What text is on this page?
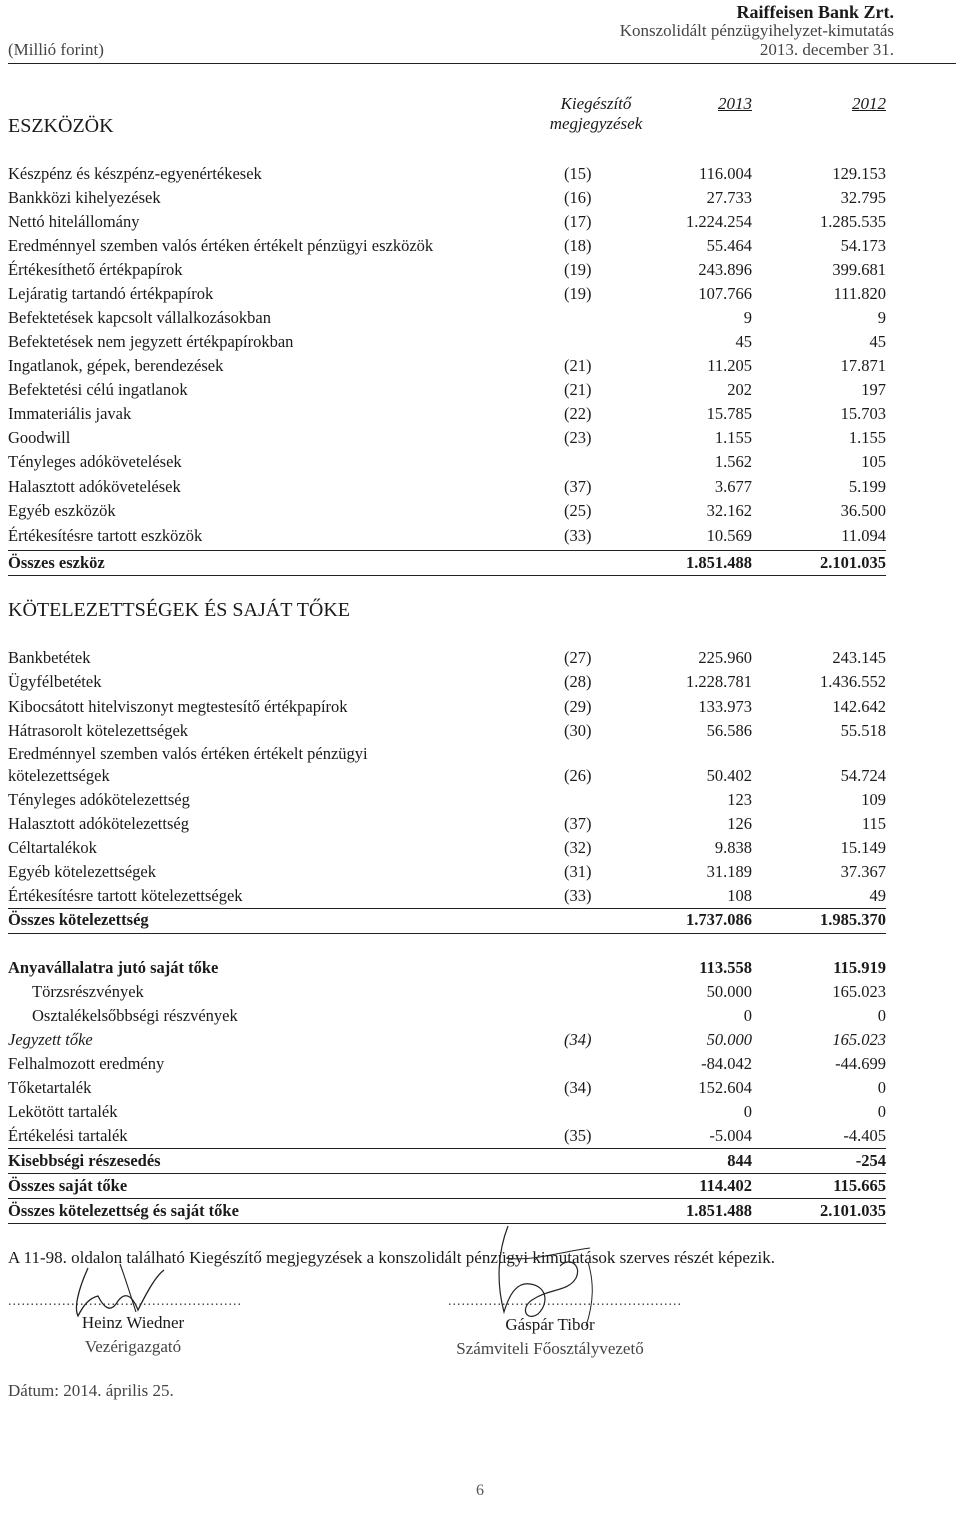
Raiffeisen Bank Zrt.
Konszolidált pénzügyihelyzet-kimutatás
(Millió forint)	2013. december 31.
Kiegészítő
megjegyzések
2013	2012
ESZKÖZÖK
Készpénz és készpénz-egyenértékesek	(15)	116.004	129.153
Bankközi kihelyezések	(16)	27.733	32.795
Nettó hitelállomány	(17)	1.224.254	1.285.535
Eredménnyel szemben valós értéken értékelt pénzügyi eszközök	(18)	55.464	54.173
Értékesíthető értékpapírok	(19)	243.896	399.681
Lejáratig tartandó értékpapírok	(19)	107.766	111.820
Befektetések kapcsolt vállalkozásokban	9	9
Befektetések nem jegyzett értékpapírokban	45	45
Ingatlanok, gépek, berendezések	(21)	11.205	17.871
Befektetési célú ingatlanok	(21)	202	197
Immateriális javak	(22)	15.785	15.703
Goodwill	(23)	1.155	1.155
Tényleges adókövetelések	1.562	105
Halasztott adókövetelések	(37)	3.677	5.199
Egyéb eszközök	(25)	32.162	36.500
Értékesítésre tartott eszközök	(33)	10.569	11.094
Összes eszköz	1.851.488	2.101.035
KÖTELEZETTSÉGEK ÉS SAJÁT TŐKE
Bankbetétek	(27)	225.960	243.145
Ügyfélbetétek	(28)	1.228.781	1.436.552
Kibocsátott hitelviszonyt megtestesítő értékpapírok	(29)	133.973	142.642
Hátrasorolt kötelezettségek	(30)	56.586	55.518
Eredménnyel szemben valós értéken értékelt pénzügyi
kötelezettségek	(26)	50.402	54.724
Tényleges adókötelezettség	123	109
Halasztott adókötelezettség	(37)	126	115
Céltartalékok	(32)	9.838	15.149
Egyéb kötelezettségek	(31)	31.189	37.367
Értékesítésre tartott kötelezettségek	(33)	108	49
Összes kötelezettség	1.737.086	1.985.370
Anyavállalatra jutó saját tőke	113.558	115.919
Törzsrészvények	50.000	165.023
Osztalékelsőbbségi részvények	0	0
Jegyzett tőke	(34)	50.000	165.023
Felhalmozott eredmény	-84.042	-44.699
Tőketartalék	(34)	152.604	0
Lekötött tartalék	0	0
Értékelési tartalék	(35)	-5.004	-4.405
Kisebbségi részesedés	844	-254
Összes saját tőke	114.402	115.665
Összes kötelezettség és saját tőke	1.851.488	2.101.035
A 11-98. oldalon található Kiegészítő megjegyzések a konszolidált pénzügyi kimutatások szerves részét képezik.
....................................................	....................................................
Heinz Wiedner
Vezérigazgató
Gáspár Tibor
Számviteli Főosztályvezető
Dátum: 2014. április 25.
6
